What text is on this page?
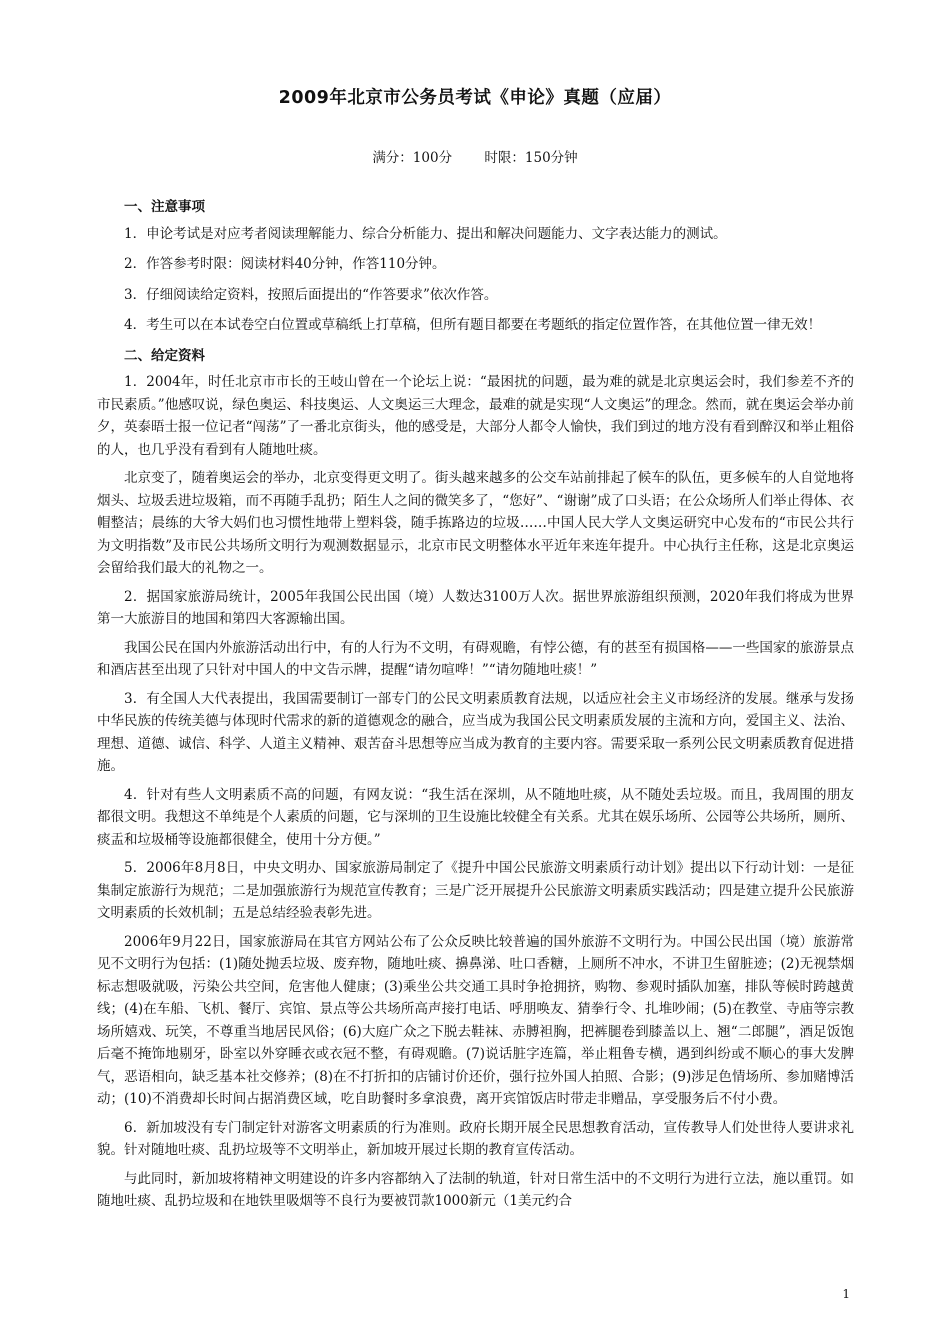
2009年北京市公务员考试《申论》真题（应届）
满分：100分 时限：150分钟
一、注意事项

1．申论考试是对应考者阅读理解能力、综合分析能力、提出和解决问题能力、文字表达能力的测试。

2．作答参考时限：阅读材料40分钟，作答110分钟。

3．仔细阅读给定资料，按照后面提出的“作答要求”依次作答。

4．考生可以在本试卷空白位置或草稿纸上打草稿，但所有题目都要在考题纸的指定位置作答，在其他位置一律无效！

二、给定资料

1．2004年，时任北京市市长的王岐山曾在一个论坛上说：“最困扰的问题，最为难的就是北京奥运会时，我们参差不齐的市民素质。”他感叹说，绿色奥运、科技奥运、人文奥运三大理念，最难的就是实现“人文奥运”的理念。然而，就在奥运会举办前夕，英泰晤士报一位记者“闯荡”了一番北京街头，他的感受是，大部分人都令人愉快，我们到过的地方没有看到醉汉和举止粗俗的人，也几乎没有看到有人随地吐痰。

北京变了，随着奥运会的举办，北京变得更文明了。街头越来越多的公交车站前排起了候车的队伍，更多候车的人自觉地将烟头、垃圾丢进垃圾箱，而不再随手乱扔；陌生人之间的微笑多了，“您好”、“谢谢”成了口头语；在公众场所人们举止得体、衣帽整洁；晨练的大爷大妈们也习惯性地带上塑料袋，随手拣路边的垃圾……中国人民大学人文奥运研究中心发布的“市民公共行为文明指数”及市民公共场所文明行为观测数据显示，北京市民文明整体水平近年来连年提升。中心执行主任称，这是北京奥运会留给我们最大的礼物之一。

2．据国家旅游局统计，2005年我国公民出国（境）人数达3100万人次。据世界旅游组织预测，2020年我们将成为世界第一大旅游目的地国和第四大客源输出国。

我国公民在国内外旅游活动出行中，有的人行为不文明，有碍观瞻，有悖公德，有的甚至有损国格——一些国家的旅游景点和酒店甚至出现了只针对中国人的中文告示牌，提醒“请勿喧哗！”“请勿随地吐痰！”

3．有全国人大代表提出，我国需要制订一部专门的公民文明素质教育法规，以适应社会主义市场经济的发展。继承与发扬中华民族的传统美德与体现时代需求的新的道德观念的融合，应当成为我国公民文明素质发展的主流和方向，爱国主义、法治、理想、道德、诚信、科学、人道主义精神、艰苦奋斗思想等应当成为教育的主要内容。需要采取一系列公民文明素质教育促进措施。

4．针对有些人文明素质不高的问题，有网友说：“我生活在深圳，从不随地吐痰，从不随处丢垃圾。而且，我周围的朋友都很文明。我想这不单纯是个人素质的问题，它与深圳的卫生设施比较健全有关系。尤其在娱乐场所、公园等公共场所，厕所、痰盂和垃圾桶等设施都很健全，使用十分方便。”

5．2006年8月8日，中央文明办、国家旅游局制定了《提升中国公民旅游文明素质行动计划》提出以下行动计划：一是征集制定旅游行为规范；二是加强旅游行为规范宣传教育；三是广泛开展提升公民旅游文明素质实践活动；四是建立提升公民旅游文明素质的长效机制；五是总结经验表彰先进。

2006年9月22日，国家旅游局在其官方网站公布了公众反映比较普遍的国外旅游不文明行为。中国公民出国（境）旅游常见不文明行为包括：(1)随处抛丢垃圾、废弃物，随地吐痰、擤鼻涕、吐口香糖，上厕所不冲水，不讲卫生留脏迹；(2)无视禁烟标志想吸就吸，污染公共空间，危害他人健康；(3)乘坐公共交通工具时争抢拥挤，购物、参观时插队加塞，排队等候时跨越黄线；(4)在车船、飞机、餐厅、宾馆、景点等公共场所高声接打电话、呼朋唤友、猜拳行令、扎堆吵闹；(5)在教堂、寺庙等宗教场所嬉戏、玩笑，不尊重当地居民风俗；(6)大庭广众之下脱去鞋袜、赤膊袒胸，把裤腿卷到膝盖以上、翘“二郎腿”，酒足饭饱后毫不掩饰地剔牙，卧室以外穿睡衣或衣冠不整，有碍观瞻。(7)说话脏字连篇，举止粗鲁专横，遇到纠纷或不顺心的事大发脾气，恶语相向，缺乏基本社交修养；(8)在不打折扣的店铺讨价还价，强行拉外国人拍照、合影；(9)涉足色情场所、参加赌博活动；(10)不消费却长时间占据消费区域，吃自助餐时多拿浪费，离开宾馆饭店时带走非赠品，享受服务后不付小费。

6．新加坡没有专门制定针对游客文明素质的行为准则。政府长期开展全民思想教育活动，宣传教导人们处世待人要讲求礼貌。针对随地吐痰、乱扔垃圾等不文明举止，新加坡开展过长期的教育宣传活动。

与此同时，新加坡将精神文明建设的许多内容都纳入了法制的轨道，针对日常生活中的不文明行为进行立法，施以重罚。如随地吐痰、乱扔垃圾和在地铁里吸烟等不良行为要被罚款1000新元（1美元约合

1
